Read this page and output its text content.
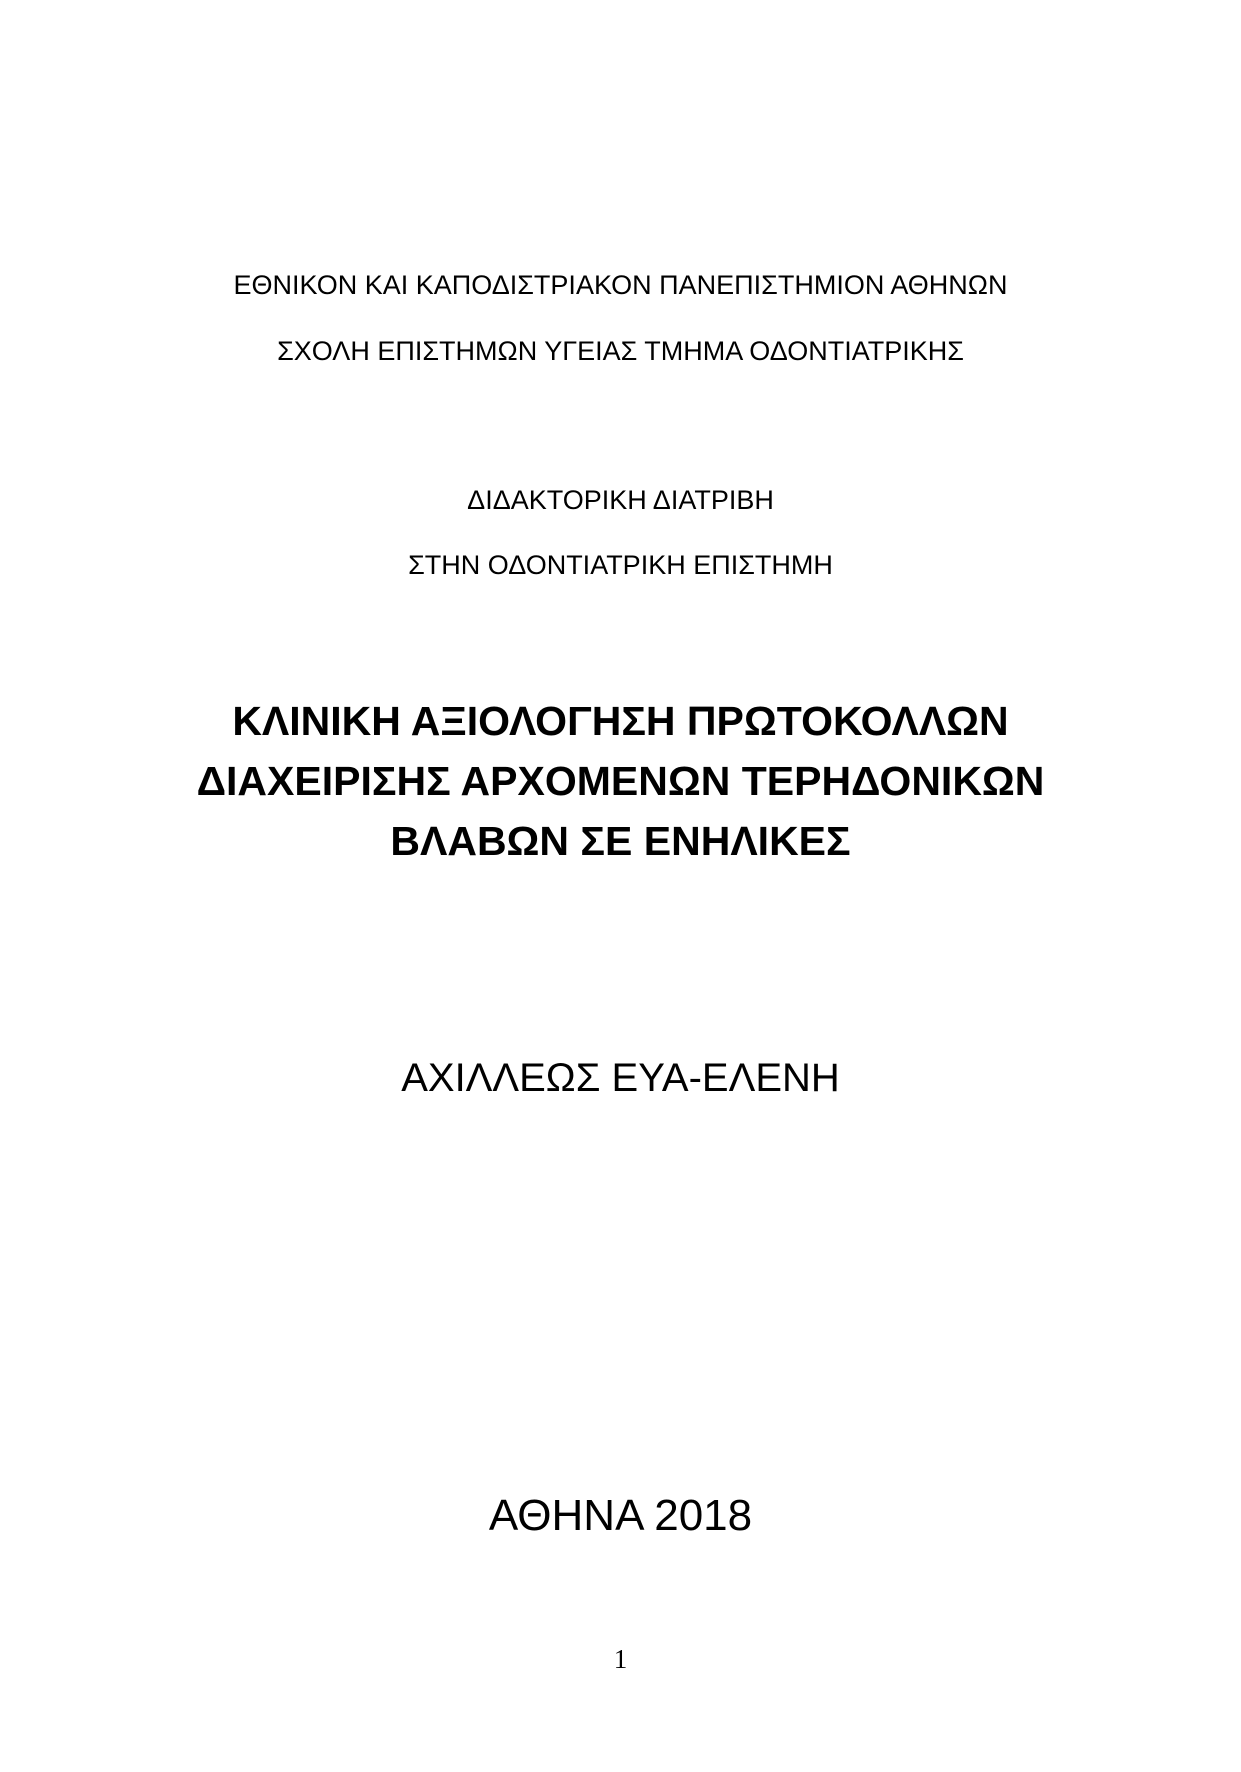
ΕΘΝΙΚΟΝ ΚΑΙ ΚΑΠΟΔΙΣΤΡΙΑΚΟΝ ΠΑΝΕΠΙΣΤΗΜΙΟΝ ΑΘΗΝΩΝ
ΣΧΟΛΗ ΕΠΙΣΤΗΜΩΝ ΥΓΕΙΑΣ ΤΜΗΜΑ ΟΔΟΝΤΙΑΤΡΙΚΗΣ
ΔΙΔΑΚΤΟΡΙΚΗ ΔΙΑΤΡΙΒΗ
ΣΤΗΝ ΟΔΟΝΤΙΑΤΡΙΚΗ ΕΠΙΣΤΗΜΗ
ΚΛΙΝΙΚΗ ΑΞΙΟΛΟΓΗΣΗ ΠΡΩΤΟΚΟΛΛΩΝ
ΔΙΑΧΕΙΡΙΣΗΣ ΑΡΧΟΜΕΝΩΝ ΤΕΡΗΔΟΝΙΚΩΝ
ΒΛΑΒΩΝ ΣΕ ΕΝΗΛΙΚΕΣ
ΑΧΙΛΛΕΩΣ ΕΥΑ-ΕΛΕΝΗ
ΑΘΗΝΑ 2018
1
